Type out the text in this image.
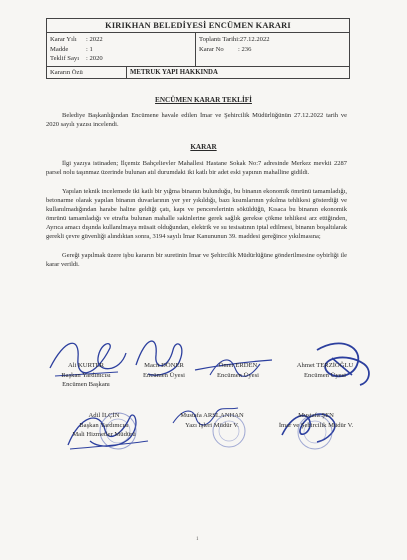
KIRIKHAN BELEDİYESİ ENCÜMEN KARARI
Karar Yılı	: 2022
Madde	: 1
Teklif Sayı	: 2020
Toplantı Tarihi :27.12.2022
Karar No	: 236
Kararın Özü	METRUK YAPI HAKKINDA
ENCÜMEN KARAR TEKLİFİ

Belediye Başkanlığından Encümene havale edilen İmar ve Şehircilik Müdürlüğünün 27.12.2022 tarih ve 2020 sayılı yazısı incelendi.

KARAR

İlgi yazıya istinaden; İlçemiz Bahçelievler Mahallesi Hastane Sokak No:7 adresinde Merkez mevkii 2287 parsel nolu taşınmaz üzerinde bulunan atıl durumdaki iki katlı bir adet eski yapının mahalline gidildi.

Yapılan teknik incelemede iki katlı bir yığma binanın bulunduğu, bu binanın ekonomik ömrünü tamamladığı, betonarme olarak yapılan binanın duvarlarının yer yer yıkıldığı, bazı kısımlarının yıkılma tehlikesi gösterdiği ve kullanılmadığından harabe haline geldiği çatı, kapı ve pencerelerinin söküldüğü, Kısaca bu binanın ekonomik ömrünü tamamladığı ve etrafta bulunan mahalle sakinlerine gerek sağlık gerekse çökme tehlikesi arz ettiğinden, Ayrıca amacı dışında kullanılmaya müsait olduğundan, elektrik ve su tesisatının iptal edilmesi, binanın boşaltılarak gerekli çevre güvenliği alındıktan sonra, 3194 sayılı İmar Kanununun 39. maddesi gereğince yıkılmasına;

Gereği yapılmak üzere işbu kararın bir suretinin İmar ve Şehircilik Müdürlüğüne gönderilmesine oybirliği ile karar verildi.

Ali KURTER
Başkan Yardımcısı
Encümen Başkanı
Macit DÖNER
Encümen Üyesi
Ömer ERDEN
Encümen Üyesi
Ahmet TERZİOĞLU
Encümen Üyesi
Adil İLÇİN
Başkan Yardımcısı
Mali Hizmetler Müdürü
Mustafa ARSLANHAN
Yazı İşleri Müdür V.
Mustafa ŞEN
İmar ve Şehircilik Müdür V.
1
